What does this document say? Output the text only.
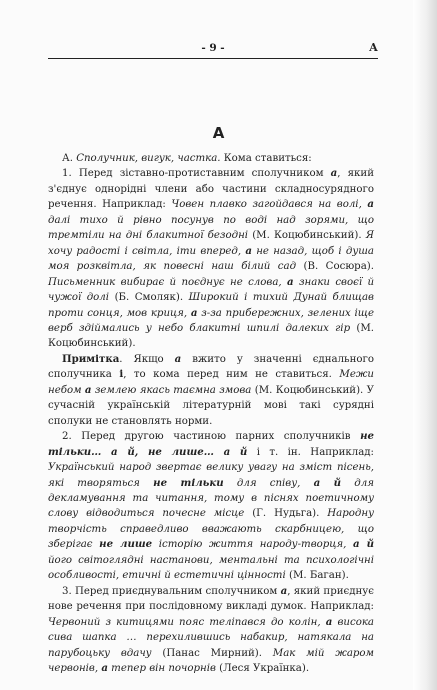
- 9 -	А
А

А. Сполучник, вигук, частка. Кома ставиться:

1. Перед зіставно-протиставним сполучником а, який з'єднує однорідні члени або частини складносурядного речення. Наприклад: Човен плавко загойдався на волі, а далі тихо й рівно посунув по воді над зорями, що тремтіли на дні блакитної безодні (М. Коцюбинський). Я хочу радості і світла, іти вперед, а не назад, щоб і душа моя розквітла, як повеснi наш білий сад (В. Сосюра). Письменник вибирає й поєднує не слова, а знаки своєї й чужої долі (Б. Смоляк). Широкий і тихий Дунай блищав проти сонця, мов криця, а з-за прибережних, зелених іще верб здіймались у небо блакитні шпилі далеких гір (М. Коцюбинський).

Примітка. Якщо а вжито у значенні єднального сполучника і, то кома перед ним не ставиться. Межи небом а землею якась таємна змова (М. Коцюбинський). У сучасній українській літературній мові такі сурядні сполуки не становлять норми.

2. Перед другою частиною парних сполучників не тільки… а й, не лише… а й і т. ін. Наприклад: Український народ звертає велику увагу на зміст пісень, які творяться не тільки для співу, а й для декламування та читання, тому в піснях поетичному слову відводиться почесне місце (Г. Нудьга). Народну творчість справедливо вважають скарбницею, що зберігає не лише історію життя народу-творця, а й його світоглядні настанови, ментальні та психологічні особливості, етичні й естетичні цінності (М. Баган).

3. Перед приєднувальним сполучником а, який приєднує нове речення при послідовному викладі думок. Наприклад: Червоний з китицями пояс теліпався до колін, а висока сива шапка … перехилившись набакир, натякала на парубоцьку вдачу (Панас Мирний). Мак мій жаром червонів, а тепер він почорнів (Леся Українка).
